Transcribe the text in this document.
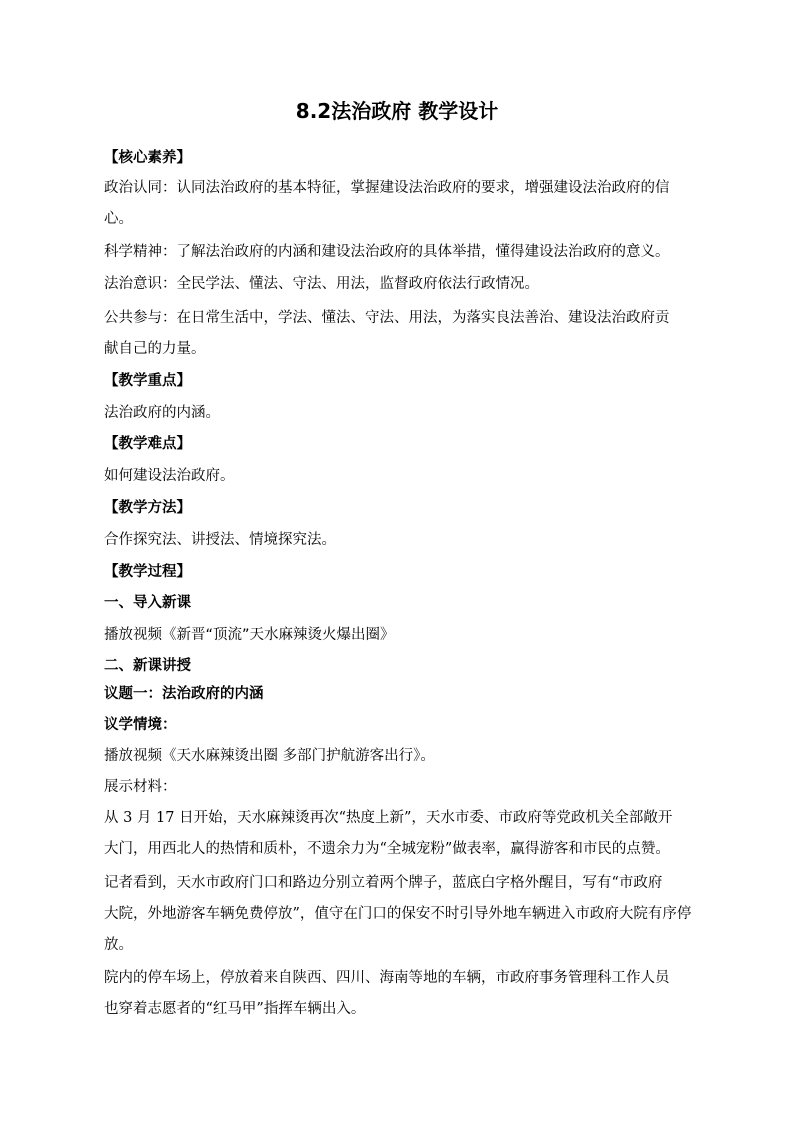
8.2法治政府 教学设计
【核心素养】
政治认同：认同法治政府的基本特征，掌握建设法治政府的要求，增强建设法治政府的信
心。
科学精神：了解法治政府的内涵和建设法治政府的具体举措，懂得建设法治政府的意义。
法治意识：全民学法、懂法、守法、用法，监督政府依法行政情况。
公共参与：在日常生活中，学法、懂法、守法、用法，为落实良法善治、建设法治政府贡
献自己的力量。
【教学重点】
法治政府的内涵。
【教学难点】
如何建设法治政府。
【教学方法】
合作探究法、讲授法、情境探究法。
【教学过程】
一、导入新课
播放视频《新晋“顶流”天水麻辣烫火爆出圈》
二、新课讲授
议题一：法治政府的内涵
议学情境：
播放视频《天水麻辣烫出圈 多部门护航游客出行》。
展示材料：
从 3 月 17 日开始，天水麻辣烫再次“热度上新”，天水市委、市政府等党政机关全部敞开
大门，用西北人的热情和质朴，不遗余力为“全城宠粉”做表率，赢得游客和市民的点赞。
记者看到，天水市政府门口和路边分别立着两个牌子，蓝底白字格外醒目，写有“市政府
大院，外地游客车辆免费停放”，值守在门口的保安不时引导外地车辆进入市政府大院有序停
放。
院内的停车场上，停放着来自陕西、四川、海南等地的车辆，市政府事务管理科工作人员
也穿着志愿者的“红马甲”指挥车辆出入。
